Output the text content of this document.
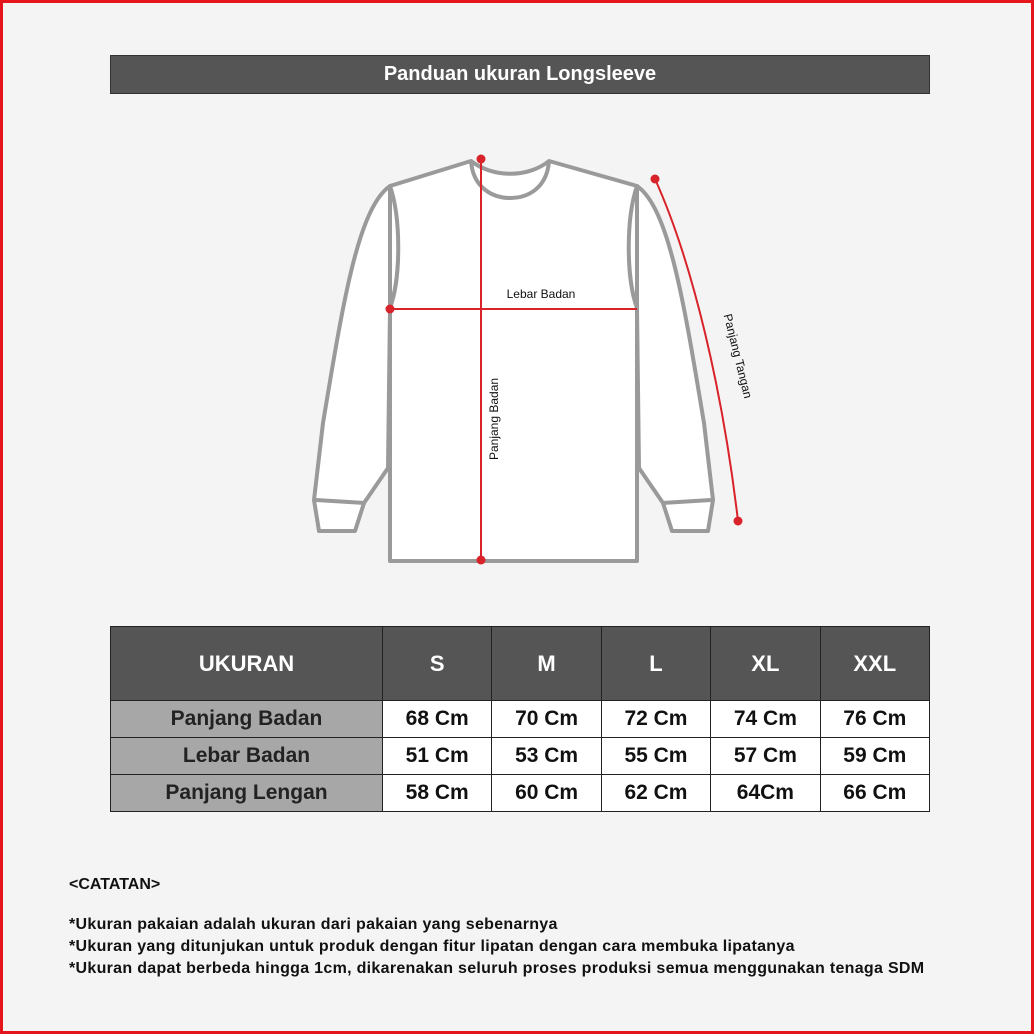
Panduan ukuran Longsleeve
Lebar Badan
Panjang Badan
Panjang Tangan
UKURAN	S	M	L	XL	XXL
Panjang Badan	68 Cm	70 Cm	72 Cm	74 Cm	76 Cm
Lebar Badan	51 Cm	53 Cm	55 Cm	57 Cm	59 Cm
Panjang Lengan	58 Cm	60 Cm	62 Cm	64Cm	66 Cm
<CATATAN>
*Ukuran pakaian adalah ukuran dari pakaian yang sebenarnya
*Ukuran yang ditunjukan untuk produk dengan fitur lipatan dengan cara membuka lipatanya
*Ukuran dapat berbeda hingga 1cm, dikarenakan seluruh proses produksi semua menggunakan tenaga SDM
